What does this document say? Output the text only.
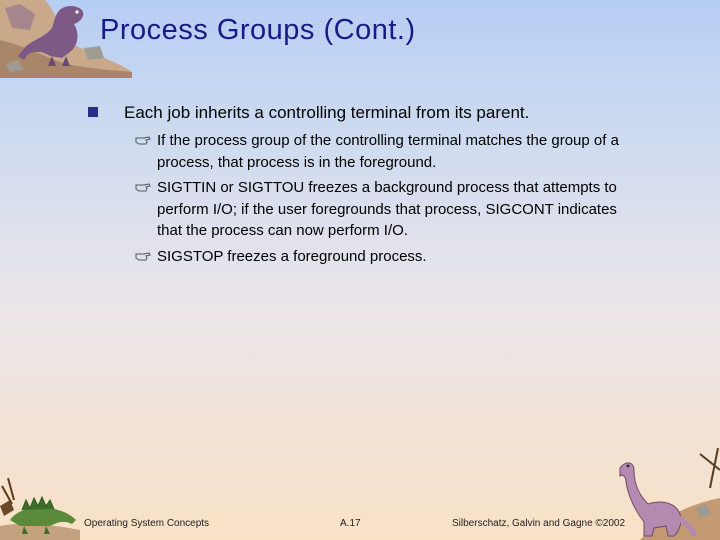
Process Groups (Cont.)
Each job inherits a controlling terminal from its parent.
If the process group of the controlling terminal matches the group of a process, that process is in the foreground.
SIGTTIN or SIGTTOU freezes a background process that attempts to perform I/O; if the user foregrounds that process, SIGCONT indicates that the process can now perform I/O.
SIGSTOP freezes a foreground process.
Operating System Concepts	A.17	Silberschatz, Galvin and Gagne ©2002
